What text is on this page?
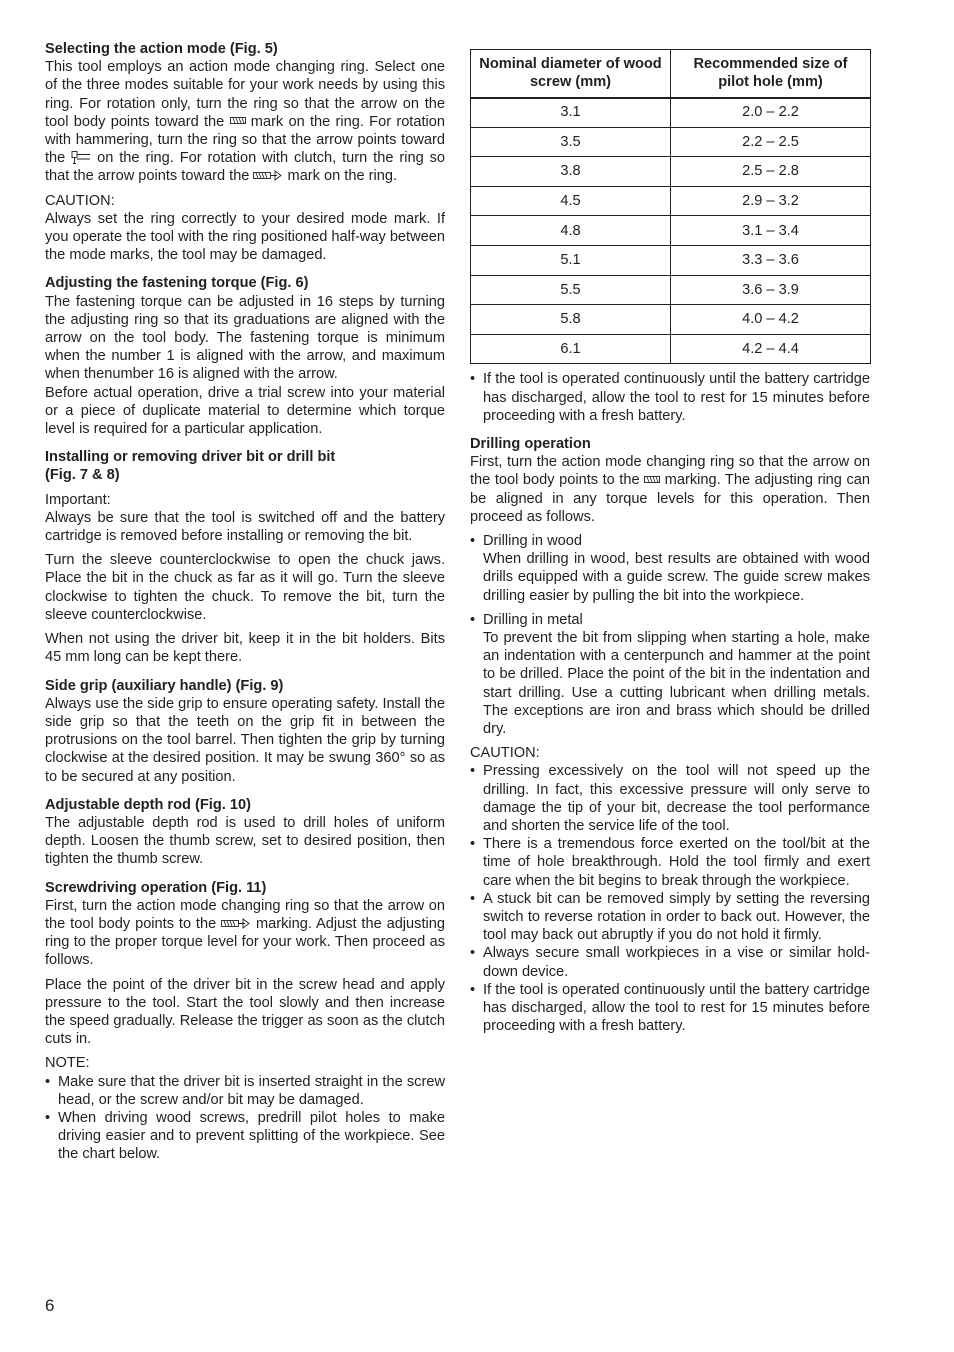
Selecting the action mode (Fig. 5)

This tool employs an action mode changing ring. Select one of the three modes suitable for your work needs by using this ring. For rotation only, turn the ring so that the arrow on the tool body points toward the  mark on the ring. For rotation with hammering, turn the ring so that the arrow points toward the  on the ring. For rotation with clutch, turn the ring so that the arrow points toward the  mark on the ring.

CAUTION:

Always set the ring correctly to your desired mode mark. If you operate the tool with the ring positioned half-way between the mode marks, the tool may be damaged.

Adjusting the fastening torque (Fig. 6)

The fastening torque can be adjusted in 16 steps by turning the adjusting ring so that its graduations are aligned with the arrow on the tool body. The fastening torque is minimum when the number 1 is aligned with the arrow, and maximum when thenumber 16 is aligned with the arrow.

Before actual operation, drive a trial screw into your material or a piece of duplicate material to determine which torque level is required for a particular application.

Installing or removing driver bit or drill bit
(Fig. 7 & 8)

Important:

Always be sure that the tool is switched off and the battery cartridge is removed before installing or removing the bit.

Turn the sleeve counterclockwise to open the chuck jaws. Place the bit in the chuck as far as it will go. Turn the sleeve clockwise to tighten the chuck. To remove the bit, turn the sleeve counterclockwise.

When not using the driver bit, keep it in the bit holders. Bits 45 mm long can be kept there.

Side grip (auxiliary handle) (Fig. 9)

Always use the side grip to ensure operating safety. Install the side grip so that the teeth on the grip fit in between the protrusions on the tool barrel. Then tighten the grip by turning clockwise at the desired position. It may be swung 360° so as to be secured at any position.

Adjustable depth rod (Fig. 10)

The adjustable depth rod is used to drill holes of uniform depth. Loosen the thumb screw, set to desired position, then tighten the thumb screw.

Screwdriving operation (Fig. 11)

First, turn the action mode changing ring so that the arrow on the tool body points to the  marking. Adjust the adjusting ring to the proper torque level for your work. Then proceed as follows.

Place the point of the driver bit in the screw head and apply pressure to the tool. Start the tool slowly and then increase the speed gradually. Release the trigger as soon as the clutch cuts in.

NOTE:

• Make sure that the driver bit is inserted straight in the screw head, or the screw and/or bit may be damaged.
• When driving wood screws, predrill pilot holes to make driving easier and to prevent splitting of the workpiece. See the chart below.
Nominal diameter of wood screw (mm)	Recommended size of pilot hole (mm)
3.1	2.0 – 2.2
3.5	2.2 – 2.5
3.8	2.5 – 2.8
4.5	2.9 – 3.2
4.8	3.1 – 3.4
5.1	3.3 – 3.6
5.5	3.6 – 3.9
5.8	4.0 – 4.2
6.1	4.2 – 4.4
• If the tool is operated continuously until the battery cartridge has discharged, allow the tool to rest for 15 minutes before proceeding with a fresh battery.
Drilling operation

First, turn the action mode changing ring so that the arrow on the tool body points to the  marking. The adjusting ring can be aligned in any torque levels for this operation. Then proceed as follows.

• Drilling in wood
When drilling in wood, best results are obtained with wood drills equipped with a guide screw. The guide screw makes drilling easier by pulling the bit into the workpiece.
• Drilling in metal
To prevent the bit from slipping when starting a hole, make an indentation with a centerpunch and hammer at the point to be drilled. Place the point of the bit in the indentation and start drilling. Use a cutting lubricant when drilling metals. The exceptions are iron and brass which should be drilled dry.

CAUTION:

• Pressing excessively on the tool will not speed up the drilling. In fact, this excessive pressure will only serve to damage the tip of your bit, decrease the tool performance and shorten the service life of the tool.
• There is a tremendous force exerted on the tool/bit at the time of hole breakthrough. Hold the tool firmly and exert care when the bit begins to break through the workpiece.
• A stuck bit can be removed simply by setting the reversing switch to reverse rotation in order to back out. However, the tool may back out abruptly if you do not hold it firmly.
• Always secure small workpieces in a vise or similar hold-down device.
• If the tool is operated continuously until the battery cartridge has discharged, allow the tool to rest for 15 minutes before proceeding with a fresh battery.
6
